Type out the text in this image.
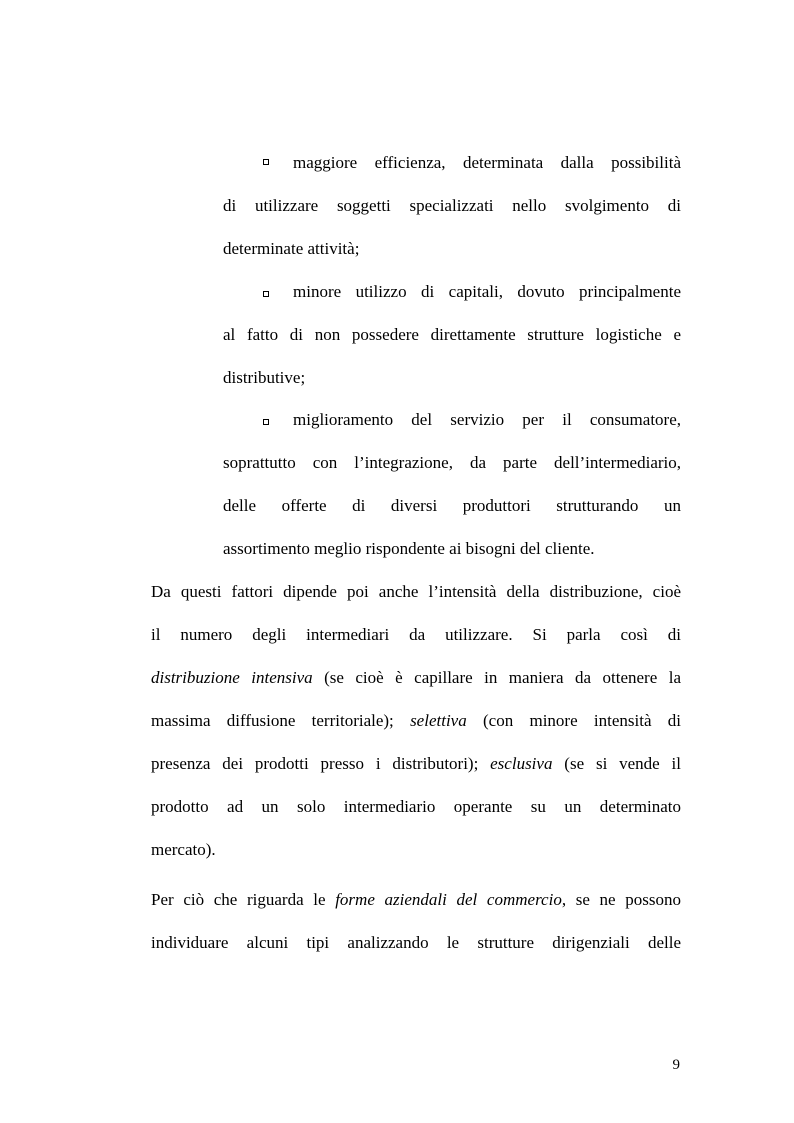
maggiore efficienza, determinata dalla possibilità
di utilizzare soggetti specializzati nello svolgimento di
determinate attività;
minore utilizzo di capitali, dovuto principalmente
al fatto di non possedere direttamente strutture logistiche e
distributive;
miglioramento del servizio per il consumatore,
soprattutto con l’integrazione, da parte dell’intermediario,
delle offerte di diversi produttori strutturando un
assortimento meglio rispondente ai bisogni del cliente.
Da questi fattori dipende poi anche l’intensità della distribuzione, cioè
il numero degli intermediari da utilizzare. Si parla così di
distribuzione intensiva (se cioè è capillare in maniera da ottenere la
massima diffusione territoriale); selettiva (con minore intensità di
presenza dei prodotti presso i distributori); esclusiva (se si vende il
prodotto ad un solo intermediario operante su un determinato
mercato).
Per ciò che riguarda le forme aziendali del commercio, se ne possono
individuare alcuni tipi analizzando le strutture dirigenziali delle
9
